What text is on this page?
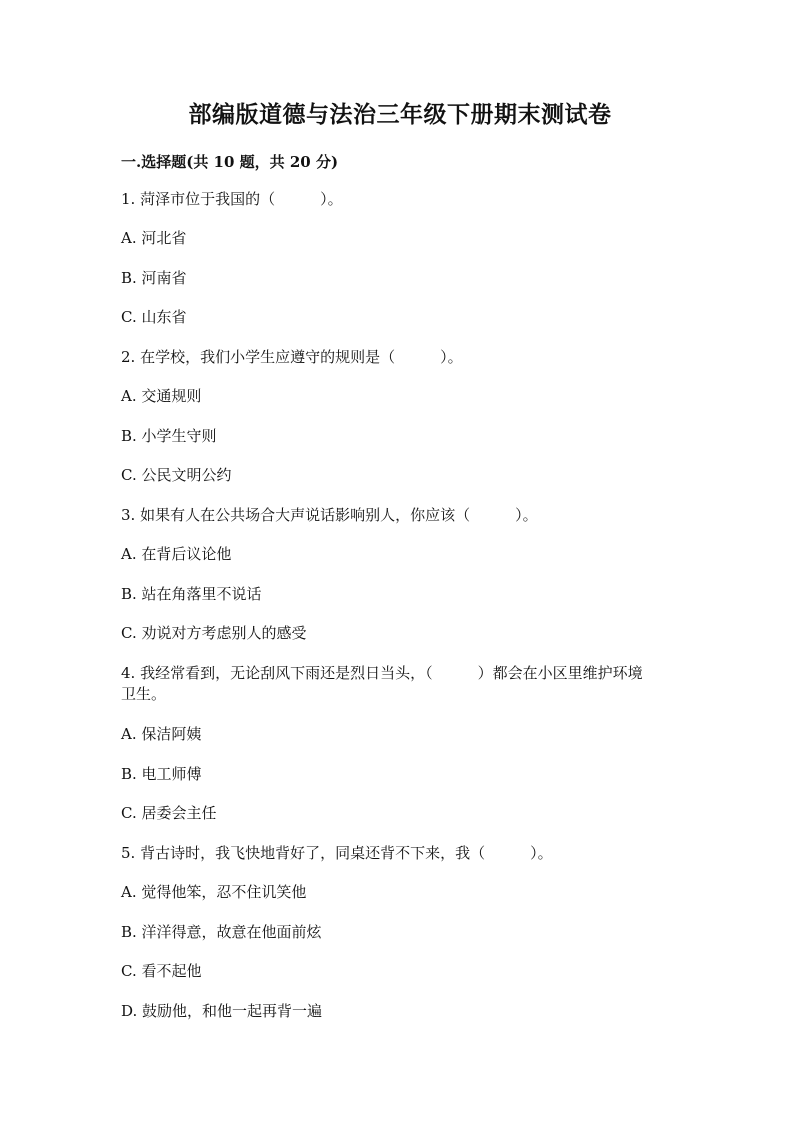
部编版道德与法治三年级下册期末测试卷
一.选择题(共 10 题，共 20 分)
1. 菏泽市位于我国的（　　　）。
A. 河北省
B. 河南省
C. 山东省
2. 在学校，我们小学生应遵守的规则是（　　　）。
A. 交通规则
B. 小学生守则
C. 公民文明公约
3. 如果有人在公共场合大声说话影响别人，你应该（　　　）。
A. 在背后议论他
B. 站在角落里不说话
C. 劝说对方考虑别人的感受
4. 我经常看到，无论刮风下雨还是烈日当头，（　　　）都会在小区里维护环境
卫生。
A. 保洁阿姨
B. 电工师傅
C. 居委会主任
5. 背古诗时，我飞快地背好了，同桌还背不下来，我（　　　）。
A. 觉得他笨，忍不住讥笑他
B. 洋洋得意，故意在他面前炫
C. 看不起他
D. 鼓励他，和他一起再背一遍
